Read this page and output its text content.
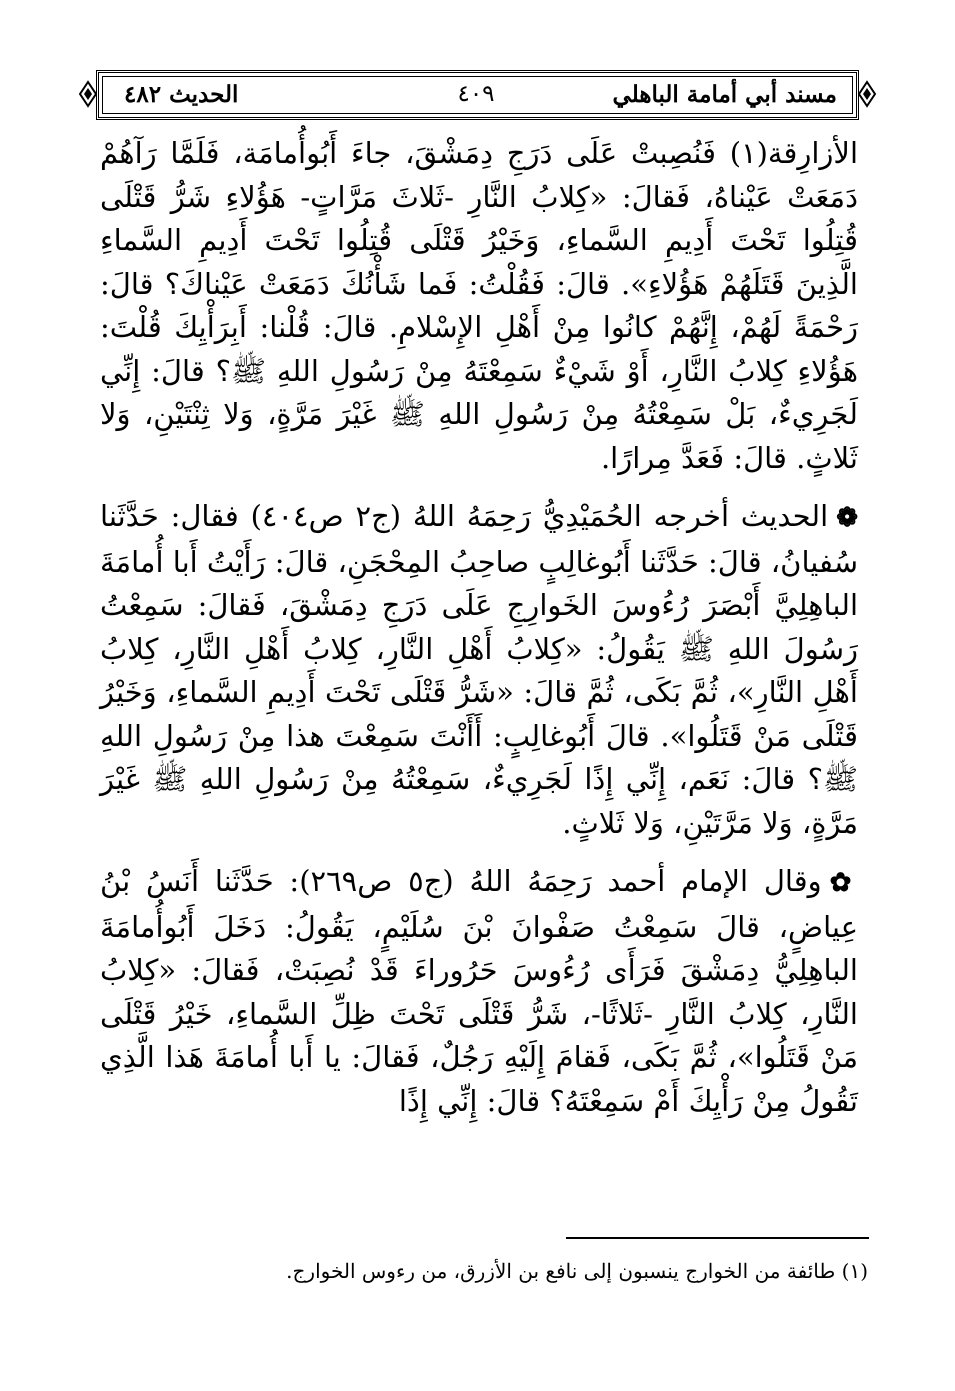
مسند أبي أمامة الباهلي
٤٠٩
الحديث ٤٨٢

الأزارِقة(١) فَنُصِبتْ عَلَى دَرَجِ دِمَشْقَ، جاءَ أَبُوأُمامَة، فَلَمَّا رَآهُمْ دَمَعَتْ عَيْناهُ، فَقالَ: «كِلابُ النَّارِ -ثَلاثَ مَرَّاتٍ- هَؤُلاءِ شَرُّ قَتْلَى قُتِلُوا تَحْتَ أَدِيمِ السَّماءِ، وَخَيْرُ قَتْلَى قُتِلُوا تَحْتَ أَدِيمِ السَّماءِ الَّذِينَ قَتَلَهُمْ هَؤُلاءِ». قالَ: فَقُلْتُ: فَما شَأْنُكَ دَمَعَتْ عَيْناكَ؟ قالَ: رَحْمَةً لَهُمْ، إِنَّهُمْ كانُوا مِنْ أَهْلِ الإِسْلامِ. قالَ: قُلْنا: أَبِرَأْيِكَ قُلْتَ: هَؤُلاءِ كِلابُ النَّارِ، أَوْ شَيْءٌ سَمِعْتَهُ مِنْ رَسُولِ اللهِ ﷺ؟ قالَ: إِنِّي لَجَرِيءٌ، بَلْ سَمِعْتُهُ مِنْ رَسُولِ اللهِ ﷺ غَيْرَ مَرَّةٍ، وَلا ثِنْتَيْنِ، وَلا ثَلاثٍ. قالَ: فَعَدَّ مِرارًا.

❁الحديث أخرجه الحُمَيْدِيُّ رَحِمَهُ اللهُ (ج٢ ص٤٠٤) فقال: حَدَّثَنا سُفيانُ، قالَ: حَدَّثَنا أَبُوغالِبٍ صاحِبُ المِحْجَنِ، قالَ: رَأَيْتُ أَبا أُمامَةَ الباهِلِيَّ أَبْصَرَ رُءُوسَ الخَوارِجِ عَلَى دَرَجِ دِمَشْقَ، فَقالَ: سَمِعْتُ رَسُولَ اللهِ ﷺ يَقُولُ: «كِلابُ أَهْلِ النَّارِ، كِلابُ أَهْلِ النَّارِ، كِلابُ أَهْلِ النَّارِ»، ثُمَّ بَكَى، ثُمَّ قالَ: «شَرُّ قَتْلَى تَحْتَ أَدِيمِ السَّماءِ، وَخَيْرُ قَتْلَى مَنْ قَتَلُوا». قالَ أَبُوغالِبٍ: أَأَنْتَ سَمِعْتَ هذا مِنْ رَسُولِ اللهِ ﷺ؟ قالَ: نَعَم، إِنِّي إِذًا لَجَرِيءٌ، سَمِعْتُهُ مِنْ رَسُولِ اللهِ ﷺ غَيْرَ مَرَّةٍ، وَلا مَرَّتَيْنِ، وَلا ثَلاثٍ.

✿وقال الإمام أحمد رَحِمَهُ اللهُ (ج٥ ص٢٦٩): حَدَّثَنا أَنَسُ بْنُ عِياضٍ، قالَ سَمِعْتُ صَفْوانَ بْنَ سُلَيْمٍ، يَقُولُ: دَخَلَ أَبُوأُمامَةَ الباهِلِيُّ دِمَشْقَ فَرَأَى رُءُوسَ حَرُوراءَ قَدْ نُصِبَتْ، فَقالَ: «كِلابُ النَّارِ، كِلابُ النَّارِ -ثَلاثًا-، شَرُّ قَتْلَى تَحْتَ ظِلِّ السَّماءِ، خَيْرُ قَتْلَى مَنْ قَتَلُوا»، ثُمَّ بَكَى، فَقامَ إِلَيْهِ رَجُلٌ، فَقالَ: يا أَبا أُمامَةَ هَذا الَّذِي تَقُولُ مِنْ رَأْيِكَ أَمْ سَمِعْتَهُ؟ قالَ: إِنِّي إِذًا

(١) طائفة من الخوارج ينسبون إلى نافع بن الأزرق، من رءوس الخوارج.
